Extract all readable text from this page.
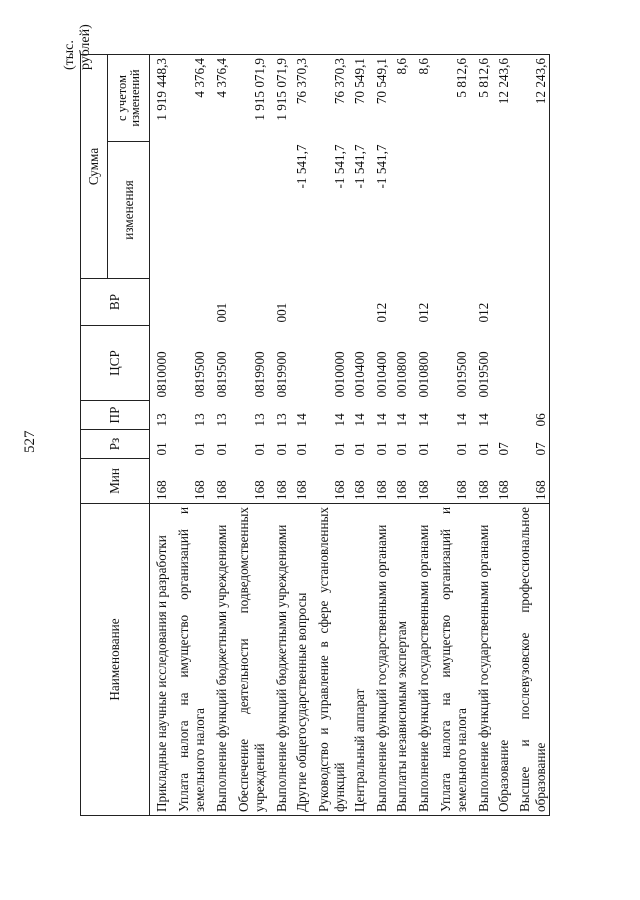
527
(тыс. рублей)
Наименование	Мин	Рз	ПР	ЦСР	ВР	Сумма	
						изменения	с учетом изменений
Прикладные научные исследования и разработки	168	01	13	0810000			1 919 448,3
Уплата налога на имущество организаций и земельного налога	168	01	13	0819500			4 376,4
Выполнение функций бюджетными учреждениями	168	01	13	0819500	001		4 376,4
Обеспечение деятельности подведомственных учреждений	168	01	13	0819900			1 915 071,9
Выполнение функций бюджетными учреждениями	168	01	13	0819900	001		1 915 071,9
Другие общегосударственные вопросы	168	01	14			-1 541,7	76 370,3
Руководство и управление в сфере установленных функций	168	01	14	0010000		-1 541,7	76 370,3
Центральный аппарат	168	01	14	0010400		-1 541,7	70 549,1
Выполнение функций государственными органами	168	01	14	0010400	012	-1 541,7	70 549,1
Выплаты независимым экспертам	168	01	14	0010800			8,6
Выполнение функций государственными органами	168	01	14	0010800	012		8,6
Уплата налога на имущество организаций и земельного налога	168	01	14	0019500			5 812,6
Выполнение функций государственными органами	168	01	14	0019500	012		5 812,6
Образование	168	07					12 243,6
Высшее и послевузовское профессиональное образование	168	07	06				12 243,6
